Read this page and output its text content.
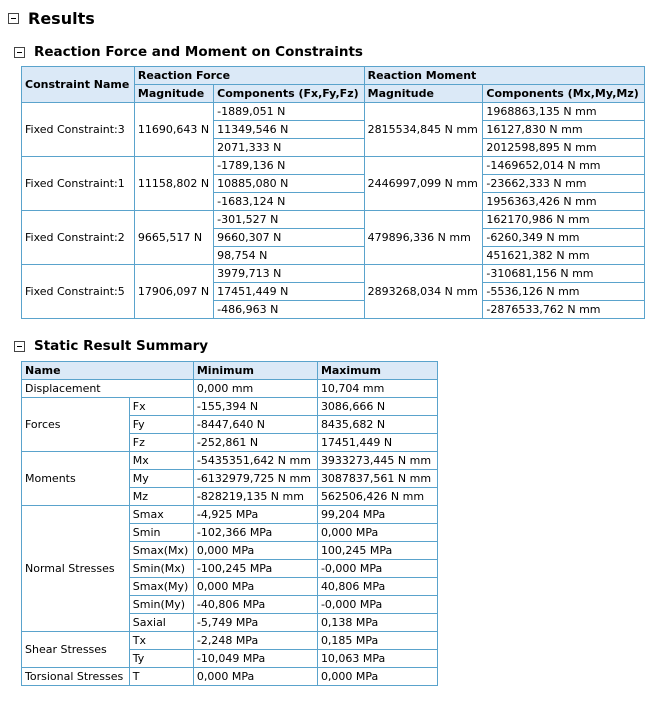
Results
Reaction Force and Moment on Constraints
Constraint Name	Reaction Force		Reaction Moment	
	Magnitude	Components (Fx,Fy,Fz)	Magnitude	Components (Mx,My,Mz)
Fixed Constraint:3	11690,643 N	-1889,051 N	2815534,845 N mm	1968863,135 N mm
		11349,546 N		16127,830 N mm
		2071,333 N		2012598,895 N mm
Fixed Constraint:1	11158,802 N	-1789,136 N	2446997,099 N mm	-1469652,014 N mm
		10885,080 N		-23662,333 N mm
		-1683,124 N		1956363,426 N mm
Fixed Constraint:2	9665,517 N	-301,527 N	479896,336 N mm	162170,986 N mm
		9660,307 N		-6260,349 N mm
		98,754 N		451621,382 N mm
Fixed Constraint:5	17906,097 N	3979,713 N	2893268,034 N mm	-310681,156 N mm
		17451,449 N		-5536,126 N mm
		-486,963 N		-2876533,762 N mm
Static Result Summary
Name		Minimum	Maximum
Displacement		0,000 mm	10,704 mm
Forces	Fx	-155,394 N	3086,666 N
	Fy	-8447,640 N	8435,682 N
	Fz	-252,861 N	17451,449 N
Moments	Mx	-5435351,642 N mm	3933273,445 N mm
	My	-6132979,725 N mm	3087837,561 N mm
	Mz	-828219,135 N mm	562506,426 N mm
Normal Stresses	Smax	-4,925 MPa	99,204 MPa
	Smin	-102,366 MPa	0,000 MPa
	Smax(Mx)	0,000 MPa	100,245 MPa
	Smin(Mx)	-100,245 MPa	-0,000 MPa
	Smax(My)	0,000 MPa	40,806 MPa
	Smin(My)	-40,806 MPa	-0,000 MPa
	Saxial	-5,749 MPa	0,138 MPa
Shear Stresses	Tx	-2,248 MPa	0,185 MPa
	Ty	-10,049 MPa	10,063 MPa
Torsional Stresses	T	0,000 MPa	0,000 MPa
